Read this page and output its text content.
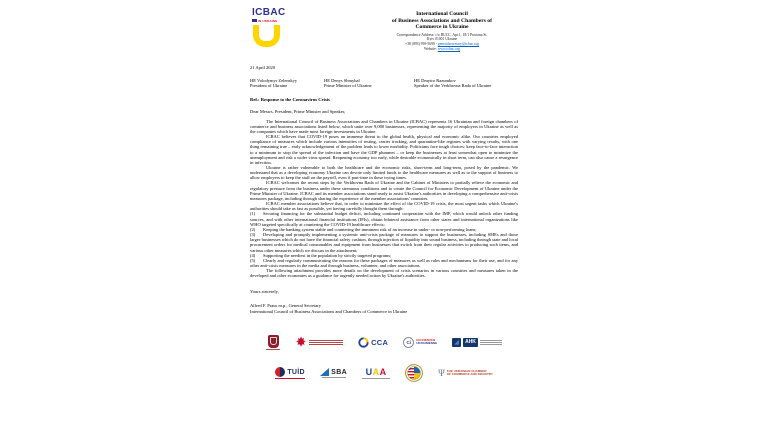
ICBAC
IN UKRAINE
International Council
of Business Associations and Chambers of
Commerce in Ukraine
Correspondence Address: c/o BUCC, Apt.1, 18/1 Prorizna St.
Kyiv 01001 Ukraine
+38 (093) 959-5699 - generalsecretary@icbac.org
Website: www.icbac.org
21 April 2020
HE Volodymyr Zelenskyy
President of Ukraine
HE Denys Shmyhal
Prime Minister of Ukraine
HE Dmytro Razumkov
Speaker of the Verkhovna Rada of Ukraine
Ref.: Response to the Coronavirus Crisis
Dear Messrs. President, Prime Minister and Speaker,

The International Council of Business Associations and Chambers in Ukraine (ICBAC) represents 16 Ukrainian and foreign chambers of commerce and business associations listed below, which unite over 9,000 businesses, representing the majority of employers in Ukraine as well as the companies which have made most foreign investments in Ukraine.

ICBAC believes that COVID-19 poses an immense threat to the global health, physical and economic alike. Our countries employed compliance of measures which include various intensities of testing, carrier tracking, and quarantine-like regimes with varying results, with one thing remaining true – early acknowledgement of the problem leads to lower morbidity. Politicians face tough choices: keep face-to-face interaction to a minimum to stop the spread of the infection and have the GDP plummet – or keep the businesses at least somewhat open to minimize the unemployment and risk a wider virus spread. Reopening economy too early, while desirable economically in short term, can also cause a resurgence in infection.

Ukraine is rather vulnerable to both the healthcare and the economic risks, short-term and long-term, posed by the pandemic. We understand that as a developing economy Ukraine can devote only limited funds to the healthcare measures as well as to the support of business to allow employers to keep the staff on the payroll, even if part-time in these trying times.

ICBAC welcomes the recent steps by the Verkhovna Rada of Ukraine and the Cabinet of Ministers to partially relieve the economic and regulatory pressure from the business under these strenuous conditions and to create the Council for Economic Development of Ukraine under the Prime Minister of Ukraine. ICBAC and its member associations stand ready to assist Ukraine's authorities in developing a comprehensive anti-crisis measures package, including through sharing the experience of the member associations' countries.

ICBAC member associations believe that, in order to minimize the effect of the COVID-19 crisis, the most urgent tasks which Ukraine's authorities should take as fast as possible, yet having carefully thought them through:

(1) Securing financing for the substantial budget deficit, including continued cooperation with the IMF, which would unlock other funding sources, and with other international financial institutions (IFIs), obtain bilateral assistance from other states and international organizations like WHO targeted specifically at countering the COVID-19 healthcare effects;
(2) Keeping the banking system stable and countering the imminent risk of an increase in under- or non-performing loans;
(3) Developing and promptly implementing a systemic anti-crisis package of measures to support the businesses, including SMEs and those larger businesses which do not have the financial safety cushion, through injection of liquidity into sound business, including through state and local procurement orders for medical consumables and equipment from businesses that switch from their regular activities to producing such items, and various other measures which we discuss in the attachment;
(4) Supporting the neediest in the population by strictly targeted programs;
(5) Clearly and regularly communicating the reasons for these packages of measures as well as rules and mechanisms for their use, and for any other anti-crisis measures in the media and through business, volunteer, and other associations.

The following attachment provides more details on the development of crisis scenarios in various countries and measures taken in the developed and other economies as a guidance for urgently needed action by Ukraine's authorities.

Yours sincerely,
Alfred F. Praus m.p., General Secretary
International Council of Business Associations and Chambers of Commerce in Ukraine
CCA	Ci	CCI FRANCO
UKRAINIENNE	AHK
TUİD	SBA UAA	Ψ THE UKRAINIAN CHAMBER
OF COMMERCE AND INDUSTRY
